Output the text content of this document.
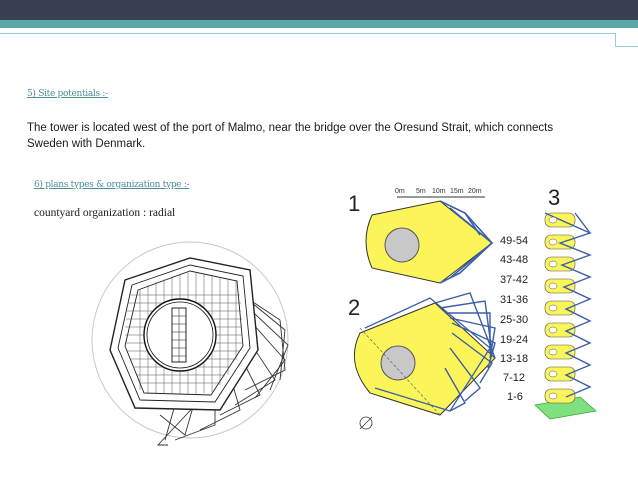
5) Site potentials :-
The tower is located west of the port of Malmo, near the bridge over the Oresund Strait, which connects Sweden with Denmark.
6) plans types & organization type :-
countyard organization : radial	1	0m 5m 10m 15m 20m
2
3
49-54
43-48
37-42
31-36
25-30
19-24
13-18
7-12
1-6
